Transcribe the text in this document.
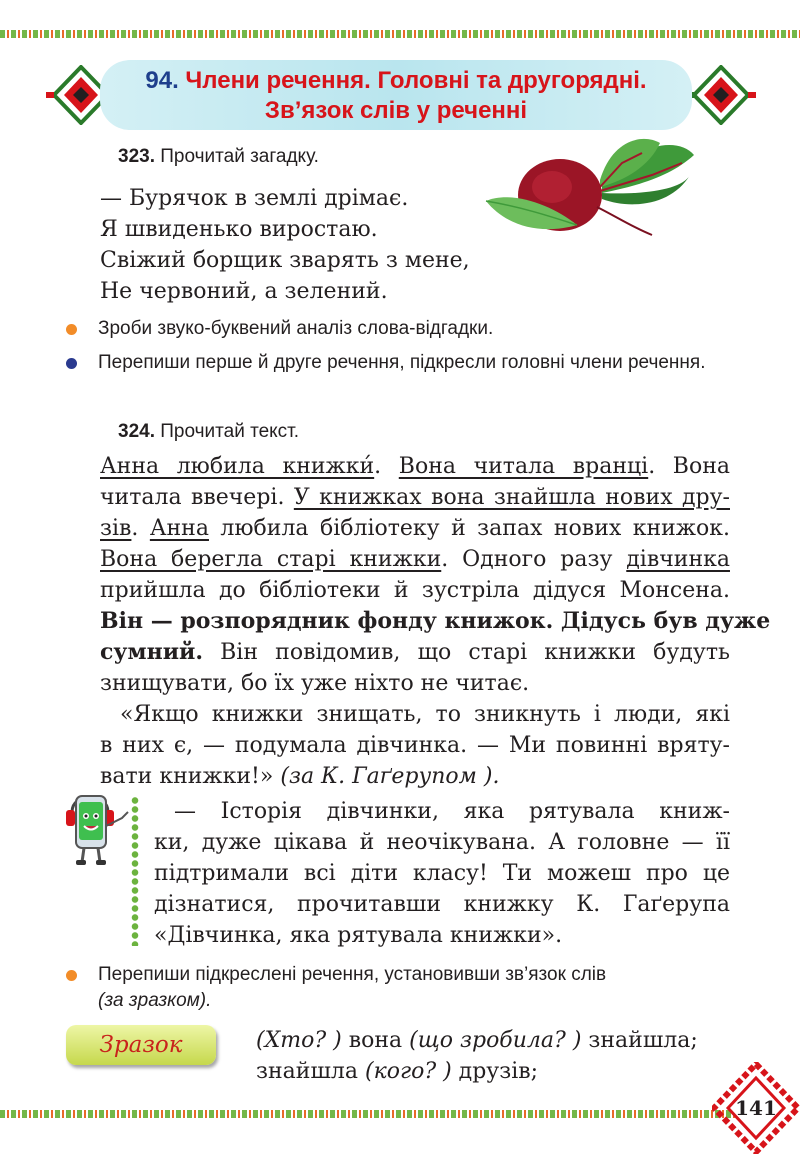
94. Члени речення. Головні та другорядні.
Зв’язок слів у реченні
323. Прочитай загадку.
— Бурячок в землі дрімає.
Я швиденько виростаю.
Свіжий борщик зварять з мене,
Не червоний, а зелений.
Зроби звуко-буквений аналіз слова-відгадки.
Перепиши перше й друге речення, підкресли головні члени речення.
324. Прочитай текст.
Анна любила книжки́. Вона читала вранці. Вона
читала ввечері. У книжках вона знайшла нових дру-
зів. Анна любила бібліотеку й запах нових книжок.
Вона берегла старі книжки. Одного разу дівчинка
прийшла до бібліотеки й зустріла дідуся Монсена.
Він — розпорядник фонду книжок. Дідусь був дуже
сумний. Він повідомив, що старі книжки будуть
знищувати, бо їх уже ніхто не читає.
«Якщо книжки знищать, то зникнуть і люди, які
в них є, — подумала дівчинка. — Ми повинні вряту-
вати книжки!» (за К. Гаґерупом ).
— Історія дівчинки, яка рятувала книж-
ки, дуже цікава й неочікувана. А головне — її
підтримали всі діти класу! Ти можеш про це
дізнатися, прочитавши книжку К. Гаґерупа
«Дівчинка, яка рятувала книжки».
Перепиши підкреслені речення, установивши зв’язок слів
(за зразком).
Зразок	(Хто? ) вона (що зробила? ) знайшла;
знайшла (кого? ) друзів;
141
